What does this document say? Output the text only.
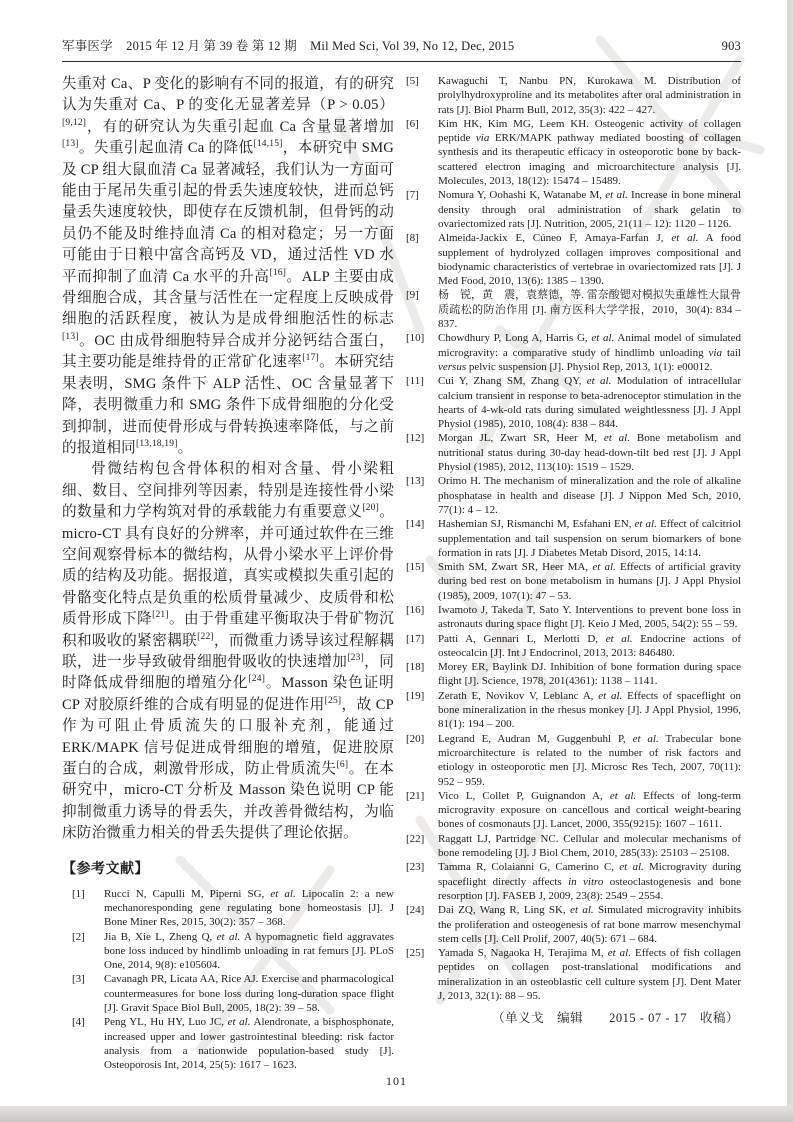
军事医学 2015 年 12 月 第 39 卷 第 12 期 Mil Med Sci, Vol 39, No 12, Dec, 2015	903

失重对 Ca、P 变化的影响有不同的报道，有的研究认为失重对 Ca、P 的变化无显著差异（P > 0.05）[9,12]，有的研究认为失重引起血 Ca 含量显著增加[13]。失重引起血清 Ca 的降低[14,15]，本研究中 SMG 及 CP 组大鼠血清 Ca 显著减轻，我们认为一方面可能由于尾吊失重引起的骨丢失速度较快，进而总钙量丢失速度较快，即使存在反馈机制，但骨钙的动员仍不能及时维持血清 Ca 的相对稳定；另一方面可能由于日粮中富含高钙及 VD，通过活性 VD 水平而抑制了血清 Ca 水平的升高[16]。ALP 主要由成骨细胞合成，其含量与活性在一定程度上反映成骨细胞的活跃程度，被认为是成骨细胞活性的标志[13]。OC 由成骨细胞特异合成并分泌钙结合蛋白，其主要功能是维持骨的正常矿化速率[17]。本研究结果表明，SMG 条件下 ALP 活性、OC 含量显著下降，表明微重力和 SMG 条件下成骨细胞的分化受到抑制，进而使骨形成与骨转换速率降低，与之前的报道相同[13,18,19]。

骨微结构包含骨体积的相对含量、骨小梁粗细、数目、空间排列等因素，特别是连接性骨小梁的数量和力学构筑对骨的承载能力有重要意义[20]。micro-CT 具有良好的分辨率，并可通过软件在三维空间观察骨标本的微结构，从骨小梁水平上评价骨质的结构及功能。据报道，真实或模拟失重引起的骨骼变化特点是负重的松质骨量减少、皮质骨和松质骨形成下降[21]。由于骨重建平衡取决于骨矿物沉积和吸收的紧密耦联[22]，而微重力诱导该过程解耦联，进一步导致破骨细胞骨吸收的快速增加[23]，同时降低成骨细胞的增殖分化[24]。Masson 染色证明 CP 对胶原纤维的合成有明显的促进作用[25]，故 CP 作为可阻止骨质流失的口服补充剂，能通过 ERK/MAPK 信号促进成骨细胞的增殖，促进胶原蛋白的合成，刺激骨形成，防止骨质流失[6]。在本研究中，micro-CT 分析及 Masson 染色说明 CP 能抑制微重力诱导的骨丢失，并改善骨微结构，为临床防治微重力相关的骨丢失提供了理论依据。

【参考文献】
[1]	Rucci N, Capulli M, Piperni SG, et al. Lipocalin 2: a new mechanoresponding gene regulating bone homeostasis [J]. J Bone Miner Res, 2015, 30(2): 357 – 368.
[2]	Jia B, Xie L, Zheng Q, et al. A hypomagnetic field aggravates bone loss induced by hindlimb unloading in rat femurs [J]. PLoS One, 2014, 9(8): e105604.
[3]	Cavanagh PR, Licata AA, Rice AJ. Exercise and pharmacological countermeasures for bone loss during long-duration space flight [J]. Gravit Space Biol Bull, 2005, 18(2): 39 – 58.
[4]	Peng YL, Hu HY, Luo JC, et al. Alendronate, a bisphosphonate, increased upper and lower gastrointestinal bleeding: risk factor analysis from a nationwide population-based study [J]. Osteoporosis Int, 2014, 25(5): 1617 – 1623.
[5]	Kawaguchi T, Nanbu PN, Kurokawa M. Distribution of prolylhydroxyproline and its metabolites after oral administration in rats [J]. Biol Pharm Bull, 2012, 35(3): 422 – 427.
[6]	Kim HK, Kim MG, Leem KH. Osteogenic activity of collagen peptide via ERK/MAPK pathway mediated boosting of collagen synthesis and its therapeutic efficacy in osteoporotic bone by back-scattered electron imaging and microarchitecture analysis [J]. Molecules, 2013, 18(12): 15474 – 15489.
[7]	Nomura Y, Oohashi K, Watanabe M, et al. Increase in bone mineral density through oral administration of shark gelatin to ovariectomized rats [J]. Nutrition, 2005, 21(11 – 12): 1120 – 1126.
[8]	Almeida-Jackix E, Cúneo F, Amaya-Farfan J, et al. A food supplement of hydrolyzed collagen improves compositional and biodynamic characteristics of vertebrae in ovariectomized rats [J]. J Med Food, 2010, 13(6): 1385 – 1390.
[9]	杨　锐，黄　震，袁蔡德，等. 雷奈酸锶对模拟失重雄性大鼠骨质疏松的防治作用 [J]. 南方医科大学学报，2010，30(4): 834 – 837.
[10]	Chowdhury P, Long A, Harris G, et al. Animal model of simulated microgravity: a comparative study of hindlimb unloading via tail versus pelvic suspension [J]. Physiol Rep, 2013, 1(1): e00012.
[11]	Cui Y, Zhang SM, Zhang QY, et al. Modulation of intracellular calcium transient in response to beta-adrenoceptor stimulation in the hearts of 4-wk-old rats during simulated weightlessness [J]. J Appl Physiol (1985), 2010, 108(4): 838 – 844.
[12]	Morgan JL, Zwart SR, Heer M, et al. Bone metabolism and nutritional status during 30-day head-down-tilt bed rest [J]. J Appl Physiol (1985), 2012, 113(10): 1519 – 1529.
[13]	Orimo H. The mechanism of mineralization and the role of alkaline phosphatase in health and disease [J]. J Nippon Med Sch, 2010, 77(1): 4 – 12.
[14]	Hashemian SJ, Rismanchi M, Esfahani EN, et al. Effect of calcitriol supplementation and tail suspension on serum biomarkers of bone formation in rats [J]. J Diabetes Metab Disord, 2015, 14:14.
[15]	Smith SM, Zwart SR, Heer MA, et al. Effects of artificial gravity during bed rest on bone metabolism in humans [J]. J Appl Physiol (1985), 2009, 107(1): 47 – 53.
[16]	Iwamoto J, Takeda T, Sato Y. Interventions to prevent bone loss in astronauts during space flight [J]. Keio J Med, 2005, 54(2): 55 – 59.
[17]	Patti A, Gennari L, Merlotti D, et al. Endocrine actions of osteocalcin [J]. Int J Endocrinol, 2013, 2013: 846480.
[18]	Morey ER, Baylink DJ. Inhibition of bone formation during space flight [J]. Science, 1978, 201(4361): 1138 – 1141.
[19]	Zerath E, Novikov V, Leblanc A, et al. Effects of spaceflight on bone mineralization in the rhesus monkey [J]. J Appl Physiol, 1996, 81(1): 194 – 200.
[20]	Legrand E, Audran M, Guggenbuhl P, et al. Trabecular bone microarchitecture is related to the number of risk factors and etiology in osteoporotic men [J]. Microsc Res Tech, 2007, 70(11): 952 – 959.
[21]	Vico L, Collet P, Guignandon A, et al. Effects of long-term microgravity exposure on cancellous and cortical weight-bearing bones of cosmonauts [J]. Lancet, 2000, 355(9215): 1607 – 1611.
[22]	Raggatt LJ, Partridge NC. Cellular and molecular mechanisms of bone remodeling [J]. J Biol Chem, 2010, 285(33): 25103 – 25108.
[23]	Tamma R, Colaianni G, Camerino C, et al. Microgravity during spaceflight directly affects in vitro osteoclastogenesis and bone resorption [J]. FASEB J, 2009, 23(8): 2549 – 2554.
[24]	Dai ZQ, Wang R, Ling SK, et al. Simulated microgravity inhibits the proliferation and osteogenesis of rat bone marrow mesenchymal stem cells [J]. Cell Prolif, 2007, 40(5): 671 – 684.
[25]	Yamada S, Nagaoka H, Terajima M, et al. Effects of fish collagen peptides on collagen post-translational modifications and mineralization in an osteoblastic cell culture system [J]. Dent Mater J, 2013, 32(1): 88 – 95.
（单义戈　编辑　　2015 - 07 - 17　收稿）
101
